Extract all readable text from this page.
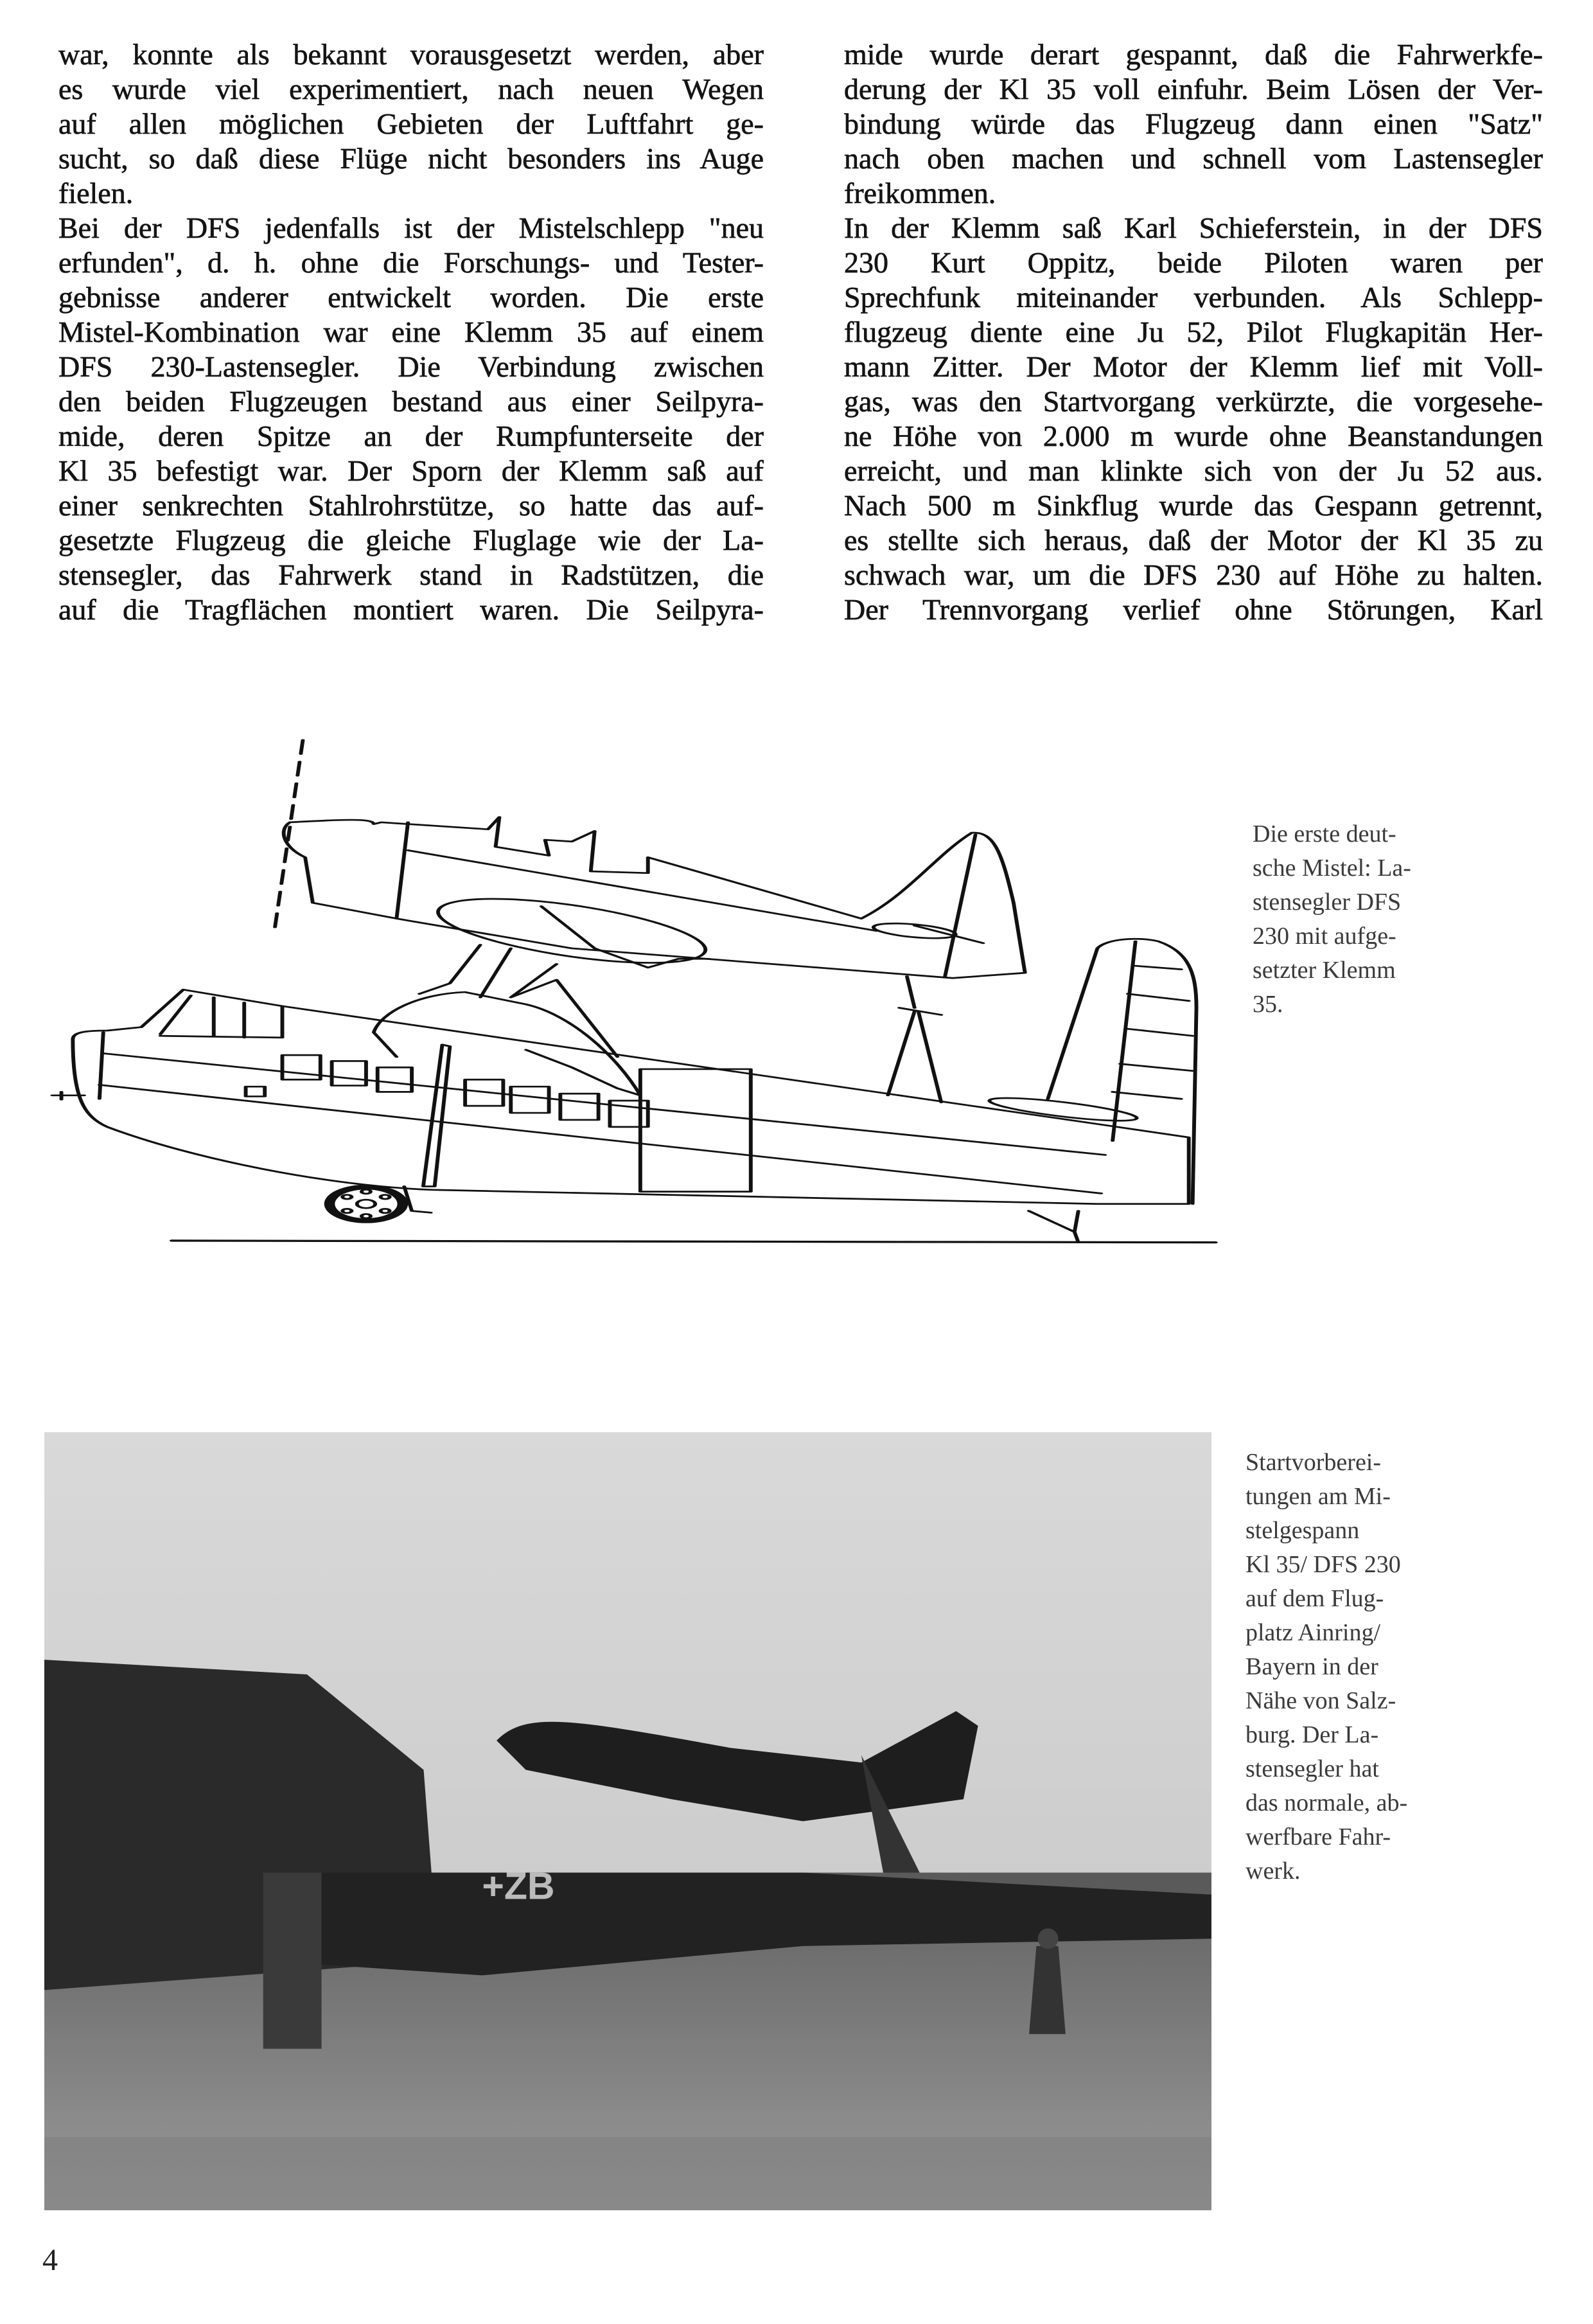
war, konnte als bekannt vorausgesetzt werden, aber
es wurde viel experimentiert, nach neuen Wegen
auf allen möglichen Gebieten der Luftfahrt ge-
sucht, so daß diese Flüge nicht besonders ins Auge
fielen.
Bei der DFS jedenfalls ist der Mistelschlepp "neu
erfunden", d. h. ohne die Forschungs- und Tester-
gebnisse anderer entwickelt worden. Die erste
Mistel-Kombination war eine Klemm 35 auf einem
DFS 230-Lastensegler. Die Verbindung zwischen
den beiden Flugzeugen bestand aus einer Seilpyra-
mide, deren Spitze an der Rumpfunterseite der
Kl 35 befestigt war. Der Sporn der Klemm saß auf
einer senkrechten Stahlrohrstütze, so hatte das auf-
gesetzte Flugzeug die gleiche Fluglage wie der La-
stensegler, das Fahrwerk stand in Radstützen, die
auf die Tragflächen montiert waren. Die Seilpyra-
mide wurde derart gespannt, daß die Fahrwerkfe-
derung der Kl 35 voll einfuhr. Beim Lösen der Ver-
bindung würde das Flugzeug dann einen "Satz"
nach oben machen und schnell vom Lastensegler
freikommen.
In der Klemm saß Karl Schieferstein, in der DFS
230 Kurt Oppitz, beide Piloten waren per
Sprechfunk miteinander verbunden. Als Schlepp-
flugzeug diente eine Ju 52, Pilot Flugkapitän Her-
mann Zitter. Der Motor der Klemm lief mit Voll-
gas, was den Startvorgang verkürzte, die vorgesehe-
ne Höhe von 2.000 m wurde ohne Beanstandungen
erreicht, und man klinkte sich von der Ju 52 aus.
Nach 500 m Sinkflug wurde das Gespann getrennt,
es stellte sich heraus, daß der Motor der Kl 35 zu
schwach war, um die DFS 230 auf Höhe zu halten.
Der Trennvorgang verlief ohne Störungen, Karl
Die erste deut-
sche Mistel: La-
stensegler DFS
230 mit aufge-
setzter Klemm
35.
+ZB
Startvorberei-
tungen am Mi-
stelgespann
Kl 35/ DFS 230
auf dem Flug-
platz Ainring/
Bayern in der
Nähe von Salz-
burg. Der La-
stensegler hat
das normale, ab-
werfbare Fahr-
werk.
4
